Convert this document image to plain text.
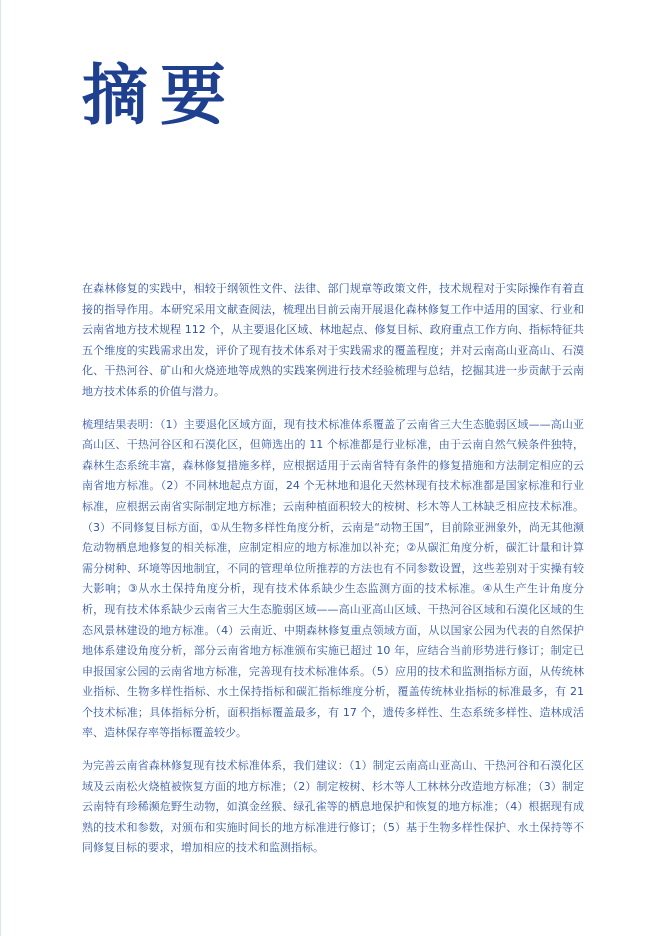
摘要

在森林修复的实践中，相较于纲领性文件、法律、部门规章等政策文件，技术规程对于实际操作有着直接的指导作用。本研究采用文献查阅法，梳理出目前云南开展退化森林修复工作中适用的国家、行业和云南省地方技术规程 112 个，从主要退化区域、林地起点、修复目标、政府重点工作方向、指标特征共五个维度的实践需求出发，评价了现有技术体系对于实践需求的覆盖程度；并对云南高山亚高山、石漠化、干热河谷、矿山和火烧迹地等成熟的实践案例进行技术经验梳理与总结，挖掘其进一步贡献于云南地方技术体系的价值与潜力。

梳理结果表明：（1）主要退化区域方面，现有技术标准体系覆盖了云南省三大生态脆弱区域——高山亚高山区、干热河谷区和石漠化区，但筛选出的 11 个标准都是行业标准，由于云南自然气候条件独特，森林生态系统丰富，森林修复措施多样，应根据适用于云南省特有条件的修复措施和方法制定相应的云南省地方标准。（2）不同林地起点方面，24 个无林地和退化天然林现有技术标准都是国家标准和行业标准，应根据云南省实际制定地方标准；云南种植面积较大的桉树、杉木等人工林缺乏相应技术标准。（3）不同修复目标方面，①从生物多样性角度分析，云南是“动物王国”，目前除亚洲象外，尚无其他濒危动物栖息地修复的相关标准，应制定相应的地方标准加以补充；②从碳汇角度分析，碳汇计量和计算需分树种、环境等因地制宜，不同的管理单位所推荐的方法也有不同参数设置，这些差别对于实操有较大影响；③从水土保持角度分析，现有技术体系缺少生态监测方面的技术标准。④从生产生计角度分析，现有技术体系缺少云南省三大生态脆弱区域——高山亚高山区域、干热河谷区域和石漠化区域的生态风景林建设的地方标准。（4）云南近、中期森林修复重点领域方面，从以国家公园为代表的自然保护地体系建设角度分析，部分云南省地方标准颁布实施已超过 10 年，应结合当前形势进行修订；制定已申报国家公园的云南省地方标准，完善现有技术标准体系。（5）应用的技术和监测指标方面，从传统林业指标、生物多样性指标、水土保持指标和碳汇指标维度分析，覆盖传统林业指标的标准最多，有 21 个技术标准；具体指标分析，面积指标覆盖最多，有 17 个，遗传多样性、生态系统多样性、造林成活率、造林保存率等指标覆盖较少。

为完善云南省森林修复现有技术标准体系，我们建议：（1）制定云南高山亚高山、干热河谷和石漠化区域及云南松火烧植被恢复方面的地方标准；（2）制定桉树、杉木等人工林林分改造地方标准；（3）制定云南特有珍稀濒危野生动物，如滇金丝猴、绿孔雀等的栖息地保护和恢复的地方标准；（4）根据现有成熟的技术和参数，对颁布和实施时间长的地方标准进行修订；（5）基于生物多样性保护、水土保持等不同修复目标的要求，增加相应的技术和监测指标。
